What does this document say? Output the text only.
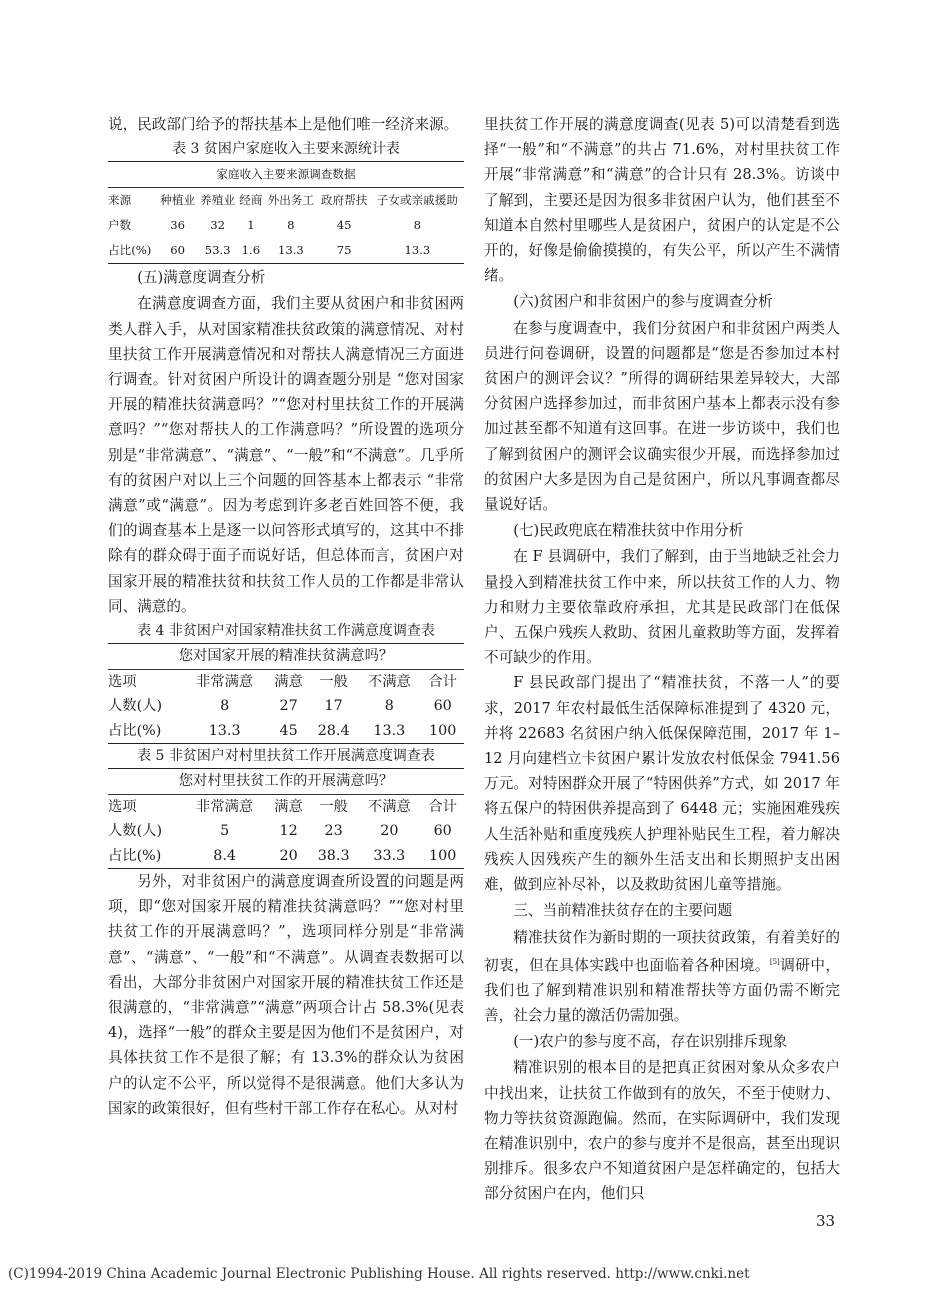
说，民政部门给予的帮扶基本上是他们唯一经济来源。

表 3 贫困户家庭收入主要来源统计表
家庭收入主要来源调查数据						
来源	种植业	养殖业	经商	外出务工	政府帮扶	子女或亲戚援助
户数	36	32	1	8	45	8
占比(%)	60	53.3	1.6	13.3	75	13.3

(五)满意度调查分析

在满意度调查方面，我们主要从贫困户和非贫困两类人群入手，从对国家精准扶贫政策的满意情况、对村里扶贫工作开展满意情况和对帮扶人满意情况三方面进行调查。针对贫困户所设计的调查题分别是 “您对国家开展的精准扶贫满意吗？”“您对村里扶贫工作的开展满意吗？”“您对帮扶人的工作满意吗？”所设置的选项分别是“非常满意”、“满意”、“一般”和“不满意”。几乎所有的贫困户对以上三个问题的回答基本上都表示 “非常满意”或“满意”。因为考虑到许多老百姓回答不便，我们的调查基本上是逐一以问答形式填写的，这其中不排除有的群众碍于面子而说好话，但总体而言，贫困户对国家开展的精准扶贫和扶贫工作人员的工作都是非常认同、满意的。

表 4 非贫困户对国家精准扶贫工作满意度调查表
您对国家开展的精准扶贫满意吗？					
选项	非常满意	满意	一般	不满意	合计
人数(人)	8	27	17	8	60
占比(%)	13.3	45	28.4	13.3	100
表 5 非贫困户对村里扶贫工作开展满意度调查表
您对村里扶贫工作的开展满意吗？					
选项	非常满意	满意	一般	不满意	合计
人数(人)	5	12	23	20	60
占比(%)	8.4	20	38.3	33.3	100

另外，对非贫困户的满意度调查所设置的问题是两项，即“您对国家开展的精准扶贫满意吗？”“您对村里扶贫工作的开展满意吗？”，选项同样分别是“非常满意”、“满意”、“一般”和“不满意”。从调查表数据可以看出，大部分非贫困户对国家开展的精准扶贫工作还是很满意的，“非常满意”“满意”两项合计占 58.3%(见表 4)，选择“一般”的群众主要是因为他们不是贫困户，对具体扶贫工作不是很了解；有 13.3%的群众认为贫困户的认定不公平，所以觉得不是很满意。他们大多认为国家的政策很好，但有些村干部工作存在私心。从对村

里扶贫工作开展的满意度调查(见表 5)可以清楚看到选择“一般”和“不满意”的共占 71.6%，对村里扶贫工作开展“非常满意”和“满意”的合计只有 28.3%。访谈中了解到，主要还是因为很多非贫困户认为，他们甚至不知道本自然村里哪些人是贫困户，贫困户的认定是不公开的，好像是偷偷摸摸的，有失公平，所以产生不满情绪。

(六)贫困户和非贫困户的参与度调查分析

在参与度调查中，我们分贫困户和非贫困户两类人员进行问卷调研，设置的问题都是“您是否参加过本村贫困户的测评会议？”所得的调研结果差异较大，大部分贫困户选择参加过，而非贫困户基本上都表示没有参加过甚至都不知道有这回事。在进一步访谈中，我们也了解到贫困户的测评会议确实很少开展，而选择参加过的贫困户大多是因为自己是贫困户，所以凡事调查都尽量说好话。

(七)民政兜底在精准扶贫中作用分析

在 F 县调研中，我们了解到，由于当地缺乏社会力量投入到精准扶贫工作中来，所以扶贫工作的人力、物力和财力主要依靠政府承担，尤其是民政部门在低保户、五保户残疾人救助、贫困儿童救助等方面，发挥着不可缺少的作用。

F 县民政部门提出了“精准扶贫，不落一人”的要求，2017 年农村最低生活保障标准提到了 4320 元，并将 22683 名贫困户纳入低保保障范围，2017 年 1–12 月向建档立卡贫困户累计发放农村低保金 7941.56 万元。对特困群众开展了“特困供养”方式，如 2017 年将五保户的特困供养提高到了 6448 元；实施困难残疾人生活补贴和重度残疾人护理补贴民生工程，着力解决残疾人因残疾产生的额外生活支出和长期照护支出困难，做到应补尽补，以及救助贫困儿童等措施。

三、当前精准扶贫存在的主要问题

精准扶贫作为新时期的一项扶贫政策，有着美好的初衷，但在具体实践中也面临着各种困境。[5]调研中，我们也了解到精准识别和精准帮扶等方面仍需不断完善，社会力量的激活仍需加强。

(一)农户的参与度不高，存在识别排斥现象

精准识别的根本目的是把真正贫困对象从众多农户中找出来，让扶贫工作做到有的放矢，不至于使财力、物力等扶贫资源跑偏。然而，在实际调研中，我们发现在精准识别中，农户的参与度并不是很高，甚至出现识别排斥。很多农户不知道贫困户是怎样确定的，包括大部分贫困户在内，他们只

33
(C)1994-2019 China Academic Journal Electronic Publishing House. All rights reserved. http://www.cnki.net
